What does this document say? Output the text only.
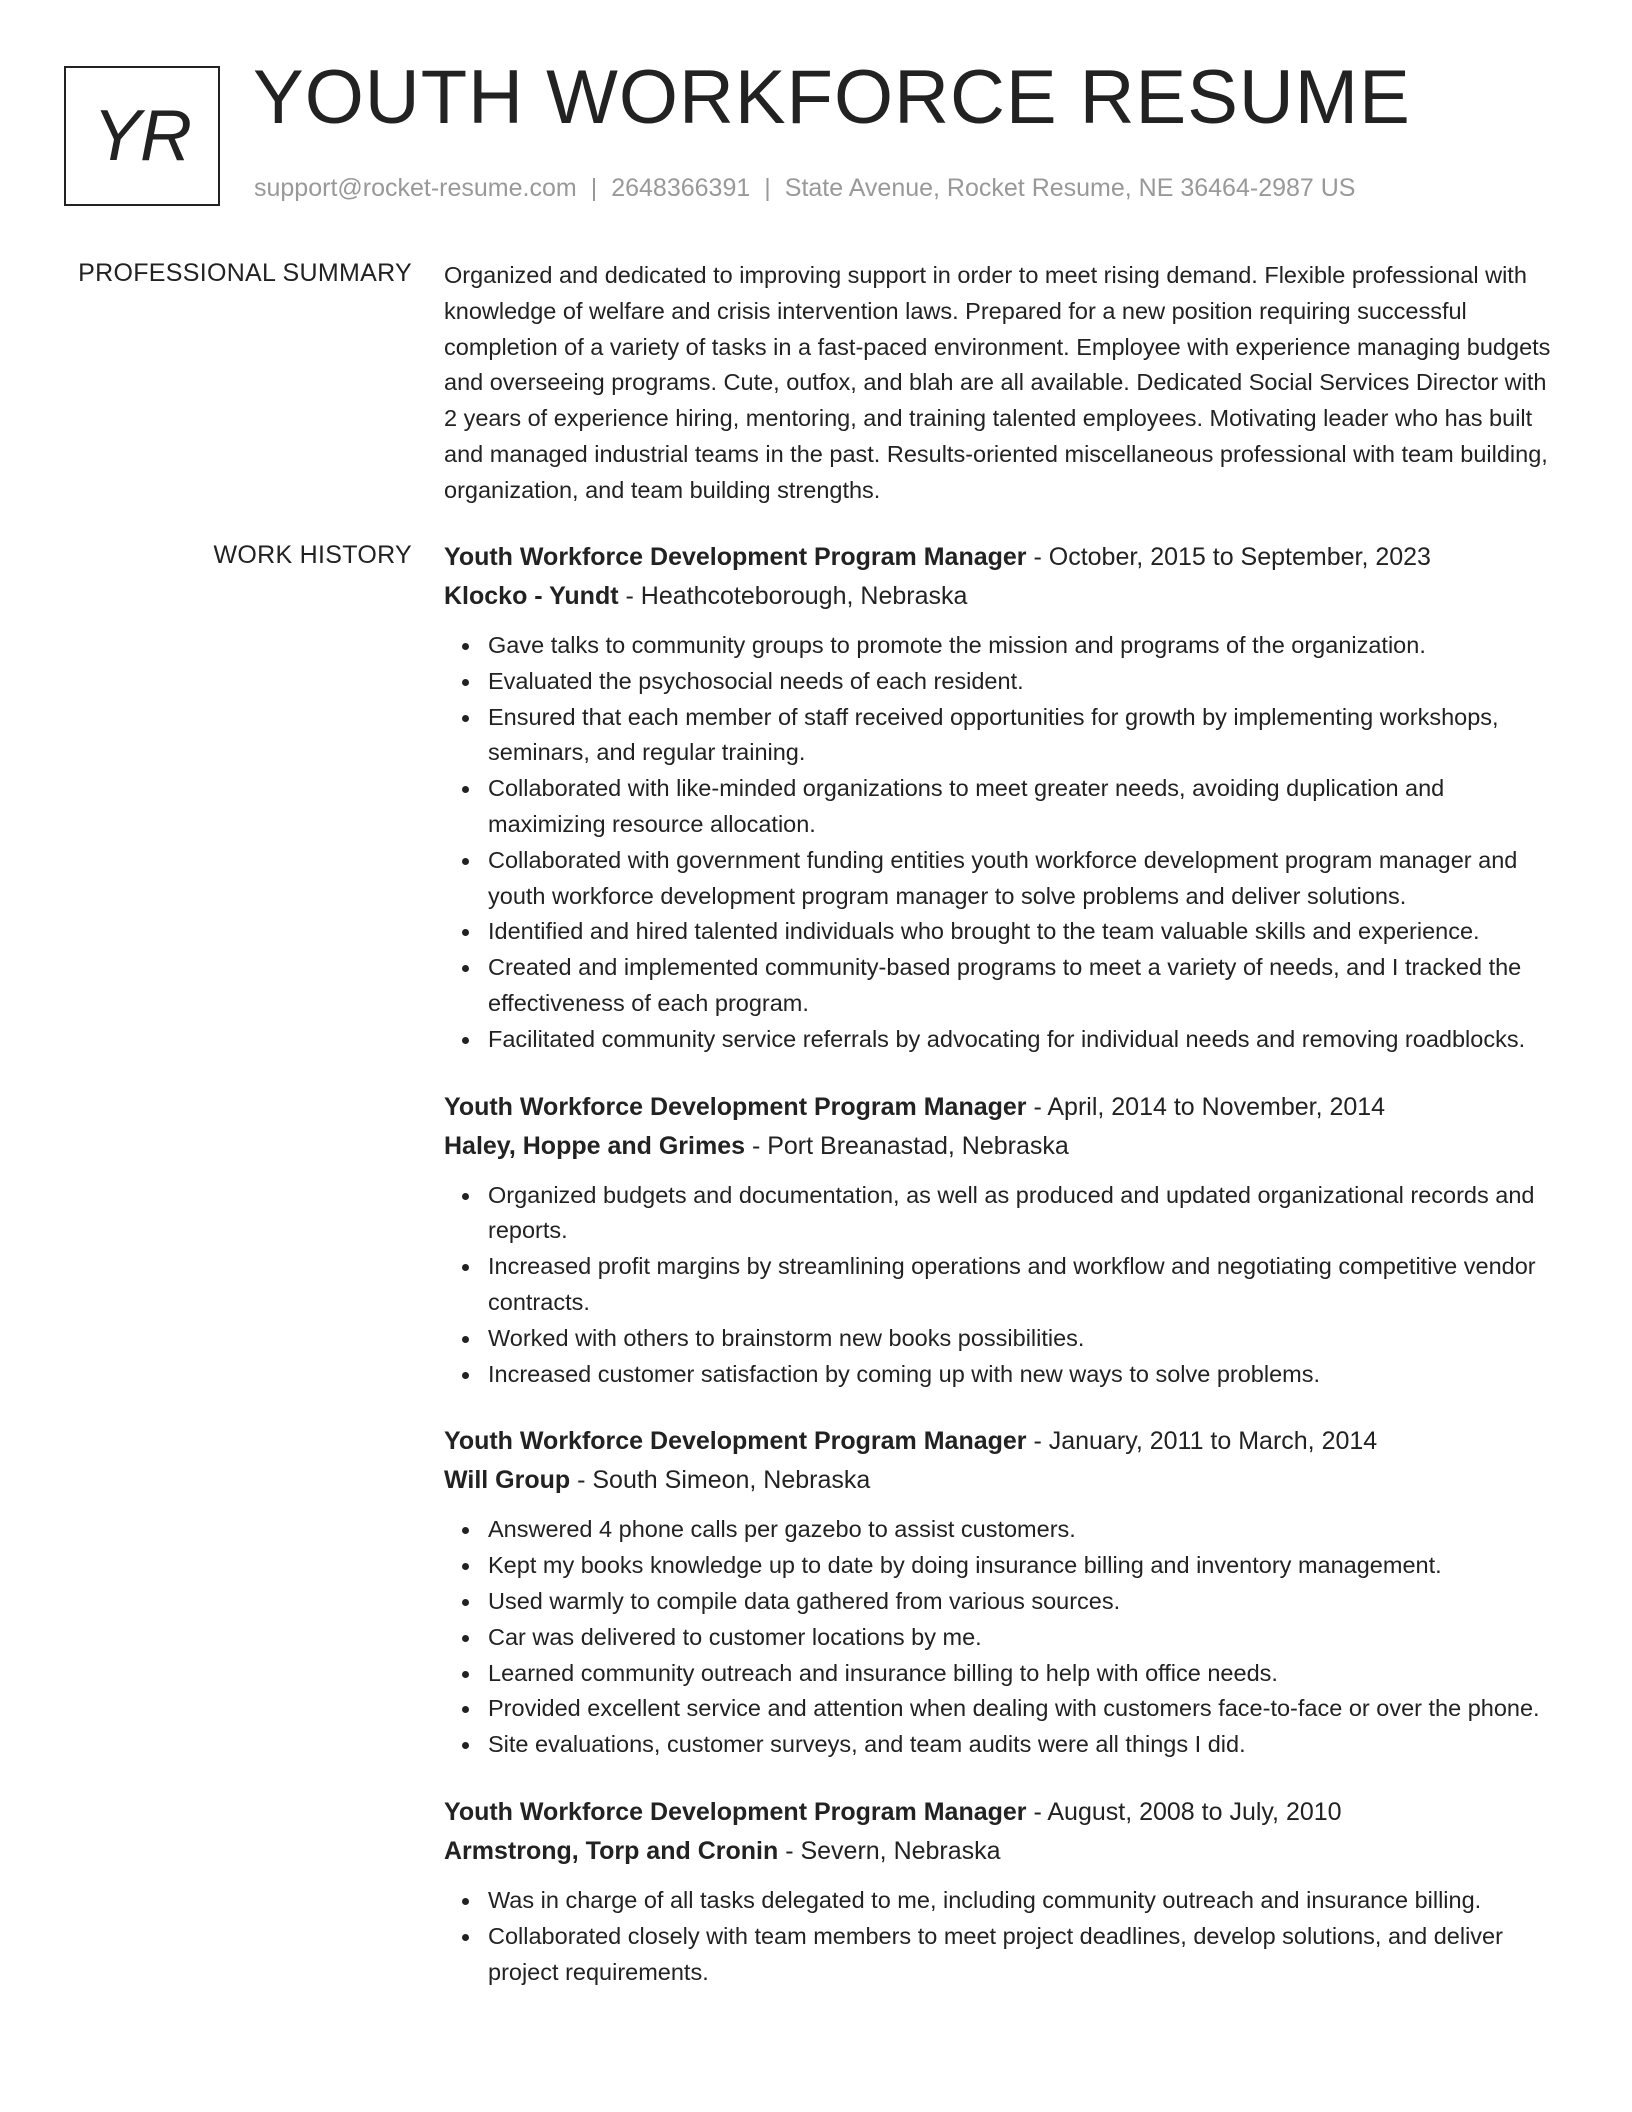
YR YOUTH WORKFORCE RESUME
support@rocket-resume.com | 2648366391 | State Avenue, Rocket Resume, NE 36464-2987 US
PROFESSIONAL SUMMARY Organized and dedicated to improving support in order to meet rising demand. Flexible professional with knowledge of welfare and crisis intervention laws. Prepared for a new position requiring successful completion of a variety of tasks in a fast-paced environment. Employee with experience managing budgets and overseeing programs. Cute, outfox, and blah are all available. Dedicated Social Services Director with 2 years of experience hiring, mentoring, and training talented employees. Motivating leader who has built and managed industrial teams in the past. Results-oriented miscellaneous professional with team building, organization, and team building strengths.

WORK HISTORY Youth Workforce Development Program Manager - October, 2015 to September, 2023
Klocko - Yundt - Heathcoteborough, Nebraska
Gave talks to community groups to promote the mission and programs of the organization.
Evaluated the psychosocial needs of each resident.
Ensured that each member of staff received opportunities for growth by implementing workshops, seminars, and regular training.
Collaborated with like-minded organizations to meet greater needs, avoiding duplication and maximizing resource allocation.
Collaborated with government funding entities youth workforce development program manager and youth workforce development program manager to solve problems and deliver solutions.
Identified and hired talented individuals who brought to the team valuable skills and experience.
Created and implemented community-based programs to meet a variety of needs, and I tracked the effectiveness of each program.
Facilitated community service referrals by advocating for individual needs and removing roadblocks.
Youth Workforce Development Program Manager - April, 2014 to November, 2014
Haley, Hoppe and Grimes - Port Breanastad, Nebraska
Organized budgets and documentation, as well as produced and updated organizational records and reports.
Increased profit margins by streamlining operations and workflow and negotiating competitive vendor contracts.
Worked with others to brainstorm new books possibilities.
Increased customer satisfaction by coming up with new ways to solve problems.
Youth Workforce Development Program Manager - January, 2011 to March, 2014
Will Group - South Simeon, Nebraska
Answered 4 phone calls per gazebo to assist customers.
Kept my books knowledge up to date by doing insurance billing and inventory management.
Used warmly to compile data gathered from various sources.
Car was delivered to customer locations by me.
Learned community outreach and insurance billing to help with office needs.
Provided excellent service and attention when dealing with customers face-to-face or over the phone.
Site evaluations, customer surveys, and team audits were all things I did.
Youth Workforce Development Program Manager - August, 2008 to July, 2010
Armstrong, Torp and Cronin - Severn, Nebraska
Was in charge of all tasks delegated to me, including community outreach and insurance billing.
Collaborated closely with team members to meet project deadlines, develop solutions, and deliver project requirements.
